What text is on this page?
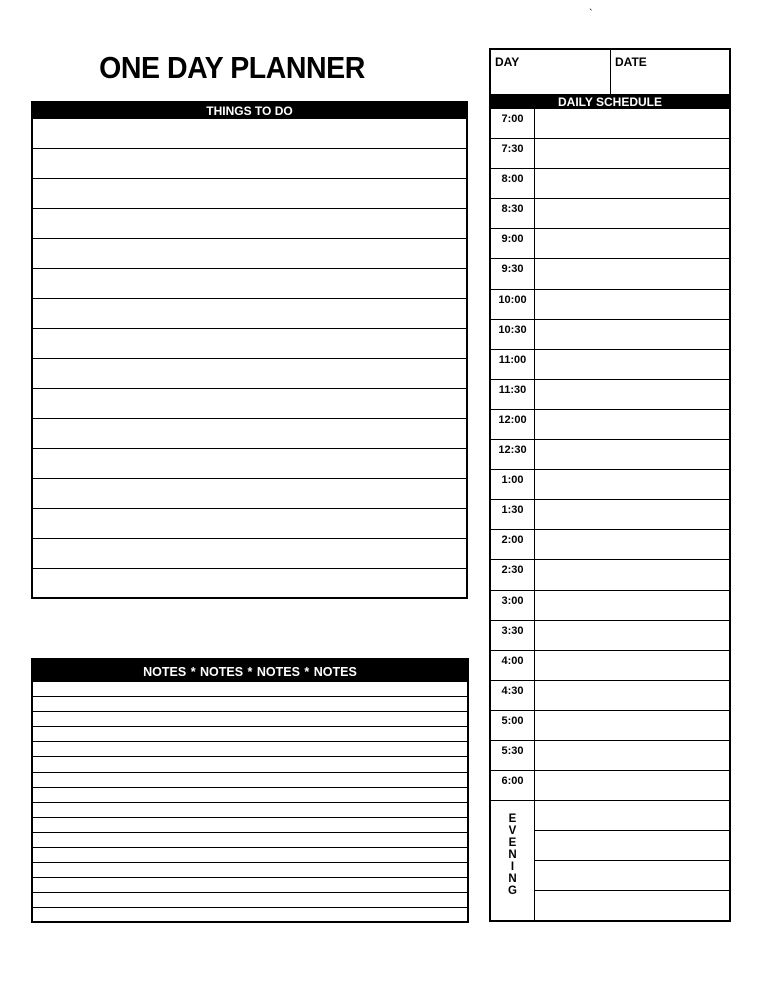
`
ONE DAY PLANNER
THINGS TO DO
NOTES * NOTES * NOTES * NOTES
DAY	DATE
DAILY SCHEDULE
7:00
7:30
8:00
8:30
9:00
9:30
10:00
10:30
11:00
11:30
12:00
12:30
1:00
1:30
2:00
2:30
3:00
3:30
4:00
4:30
5:00
5:30
6:00
E
V
E
N
I
N
G
